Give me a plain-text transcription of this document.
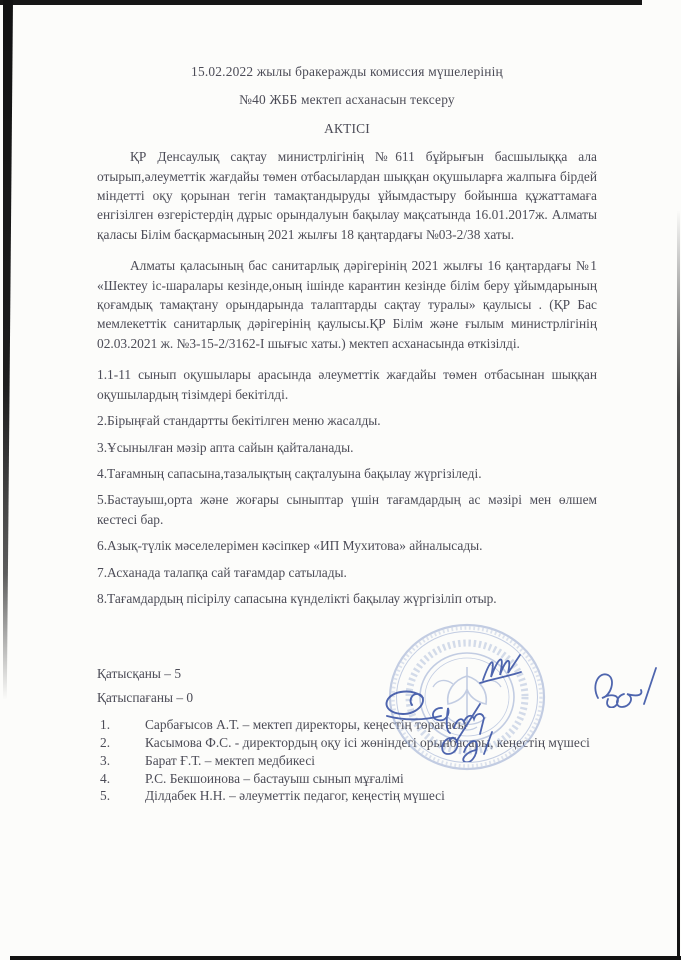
15.02.2022 жылы бракеражды комиссия мүшелерінің

№40 ЖББ мектеп асханасын тексеру

АКТІСІ

ҚР Денсаулық сақтау министрлігінің №611 бұйрығын басшылыққа ала отырып,әлеуметтік жағдайы төмен отбасылардан шыққан оқушыларға жалпыға бірдей міндетті оқу қорынан тегін тамақтандыруды ұйымдастыру бойынша құжаттамаға енгізілген өзгерістердің дұрыс орындалуын бақылау мақсатында 16.01.2017ж. Алматы қаласы Білім басқармасының 2021 жылғы 18 қаңтардағы №03-2/38 хаты.

Алматы қаласының бас санитарлық дәрігерінің 2021 жылғы 16 қаңтардағы №1 «Шектеу іс-шаралары кезінде,оның ішінде карантин кезінде білім беру ұйымдарының қоғамдық тамақтану орындарында талаптарды сақтау туралы» қаулысы . (ҚР Бас мемлекеттік санитарлық дәрігерінің қаулысы.ҚР Білім және ғылым министрлігінің 02.03.2021 ж. №3-15-2/3162-І шығыс хаты.) мектеп асханасында өткізілді.

1.1-11 сынып оқушылары арасында әлеуметтік жағдайы төмен отбасынан шыққан оқушылардың тізімдері бекітілді.

2.Бірыңғай стандартты бекітілген меню жасалды.

3.Ұсынылған мәзір апта сайын қайталанады.

4.Тағамның сапасына,тазалықтың сақталуына бақылау жүргізіледі.

5.Бастауыш,орта және жоғары сыныптар үшін тағамдардың ас мәзірі мен өлшем кестесі бар.

6.Азық-түлік мәселелерімен кәсіпкер «ИП Мухитова» айналысады.

7.Асханада талапқа сай тағамдар сатылады.

8.Тағамдардың пісірілу сапасына күнделікті бақылау жүргізіліп отыр.

Қатысқаны – 5

Қатыспағаны – 0

1.	Сарбағысов А.Т. – мектеп директоры, кеңестің төрағасы
2.	Касымова Ф.С. - директордың оқу ісі жөніндегі орынбасары, кеңестің мүшесі
3.	Барат Ғ.Т. – мектеп медбикесі
4.	Р.С. Бекшоинова – бастауыш сынып мұғалімі
5.	Ділдабек Н.Н. – әлеуметтік педагог, кеңестің мүшесі
